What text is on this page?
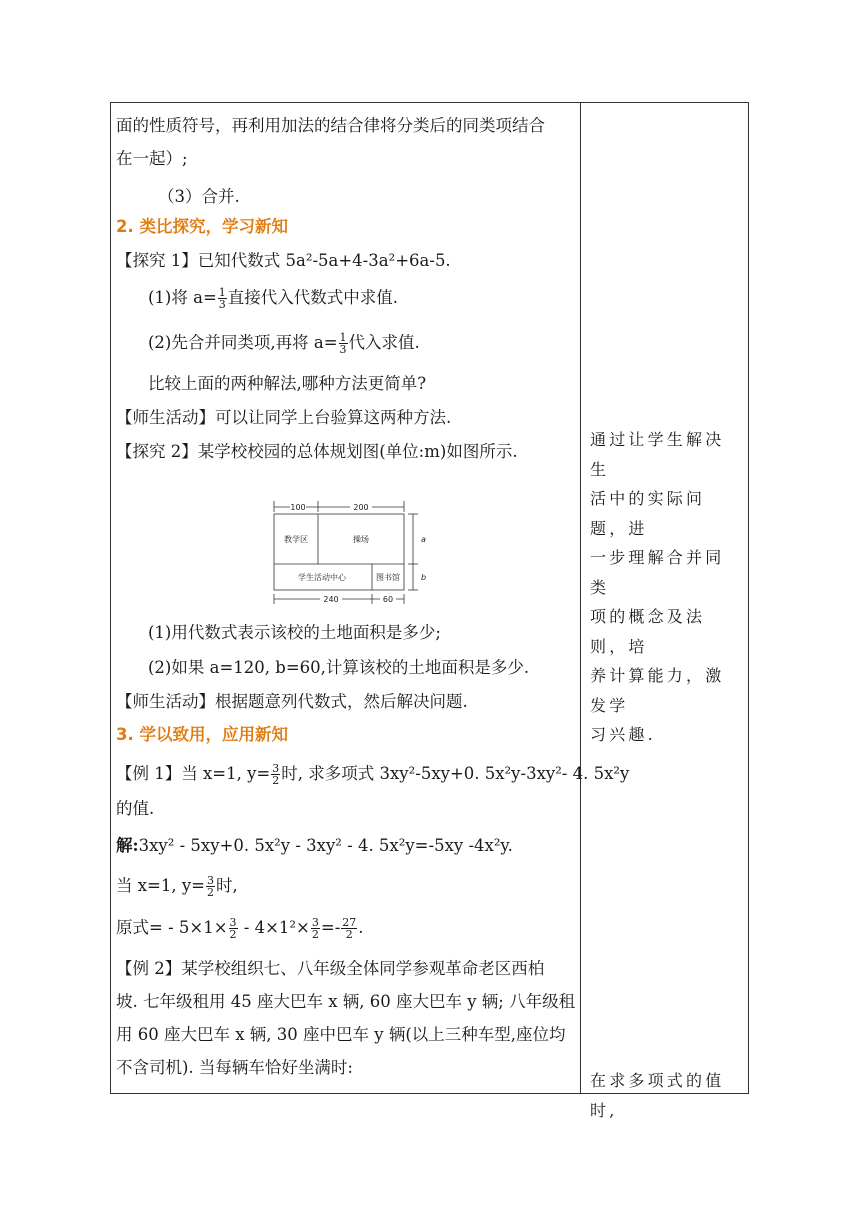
面的性质符号，再利用加法的结合律将分类后的同类项结合
在一起）;
（3）合并.
2. 类比探究，学习新知
【探究 1】已知代数式 5a²-5a+4-3a²+6a-5.
(1)将 $a= \frac{1}{3}$ 直接代入代数式中求值.
(2)先合并同类项,再将 $a= \frac{1}{3}$ 代入求值.
比较上面的两种解法,哪种方法更简单?
【师生活动】可以让同学上台验算这两种方法.
【探究 2】某学校校园的总体规划图(单位:m)如图所示.
100	200
教学区	操场
学生活动中心	图书馆
240	60
a
b
(1)用代数式表示该校的土地面积是多少;
(2)如果 a=120, b=60,计算该校的土地面积是多少.
【师生活动】根据题意列代数式，然后解决问题.
3. 学以致用，应用新知
【例 1】当 x=1, $y= \frac{3}{2}$ 时, 求多项式 3xy²-5xy+0. 5x²y-3xy²- 4. 5x²y
的值.
解:3xy² - 5xy+0. 5x²y - 3xy² - 4. 5x²y=-5xy -4x²y.
当 x=1, $y= \frac{3}{2}$ 时,
原式= - $5\times 1\times \frac{3}{2} - 4\times 1^2\times \frac{3}{2} =- \frac{27}{2}$ .
【例 2】某学校组织七、八年级全体同学参观革命老区西柏
坡. 七年级租用 45 座大巴车 x 辆, 60 座大巴车 y 辆; 八年级租
用 60 座大巴车 x 辆, 30 座中巴车 y 辆(以上三种车型,座位均
不含司机). 当每辆车恰好坐满时:
通过让学生解决生
活中的实际问题，进
一步理解合并同类
项的概念及法则，培
养计算能力，激发学
习兴趣.
在求多项式的值时,
